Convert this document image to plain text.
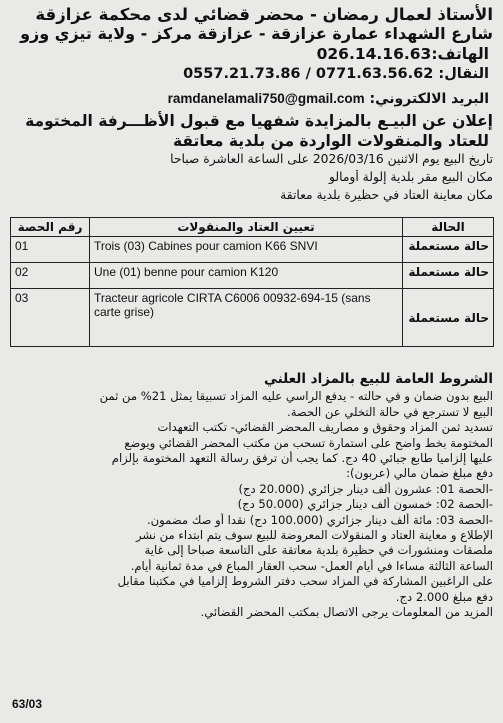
الأستاذ لعمال رمضان - محضر قضائي لدى محكمة عزازقة
شارع الشهداء عمارة عزازقة - عزازقة مركز - ولاية تيزي وزو
الهاتف:026.14.16.63
النقال: 0771.63.56.62 / 0557.21.73.86
البريد الالكتروني: ramdanelamali750@gmail.com
إعلان عن البيـع بالمزايدة شفهيا مع قبول الأظـــرفة المختومة
للعتاد والمنقولات الواردة من بلدية معاتقة
تاريخ البيع يوم الاثنين 2026/03/16 على الساعة العاشرة صباحا
مكان البيع مقر بلدية إلولة أومالو
مكان معاينة العتاد في حظيرة بلدية معاتقة
الحالة	تعيين العتاد والمنقولات	رقم الحصة
حالة مستعملة	Trois (03) Cabines pour camion K66 SNVI	01
حالة مستعملة	Une (01) benne pour camion K120	02
حالة مستعملة	Tracteur agricole CIRTA C6006 00932-694-15 (sans carte grise)	03
الشروط العامة للبيع بالمزاد العلني
البيع بدون ضمان و في حالته - يدفع الراسي عليه المزاد تسبيقا يمثل 21% من ثمن
البيع لا تسترجع في حالة التخلي عن الحصة.
تسديد ثمن المزاد وحقوق و مصاريف المحضر القضائي- تكتب التعهدات
المختومة بخط واضح على استمارة تسحب من مكتب المحضر القضائي ويوضع
عليها إلزاميا طابع جبائي 40 دج. كما يجب أن ترفق رسالة التعهد المختومة بإلزام
دفع مبلغ ضمان مالي (عربون):
-الحصة 01: عشرون ألف دينار جزائري (20.000 دج)
-الحصة 02: خمسون ألف دينار جزائري (50.000 دج)
-الحصة 03: مائة ألف دينار جزائري (100.000 دج) نقدا أو صك مضمون.
الإطلاع و معاينة العتاد و المنقولات المعروضة للبيع سوف يتم ابتداء من نشر
ملصقات ومنشورات في حظيرة بلدية معاتقة على التاسعة صباحا إلى غاية
الساعة الثالثة مساءا في أيام العمل- سحب العقار المباع في مدة ثمانية أيام.
على الراغبين المشاركة في المزاد سحب دفتر الشروط إلزاميا في مكتبنا مقابل
دفع مبلغ 2.000 دج.
المزيد من المعلومات يرجى الاتصال بمكتب المحضر القضائي.
63/03
